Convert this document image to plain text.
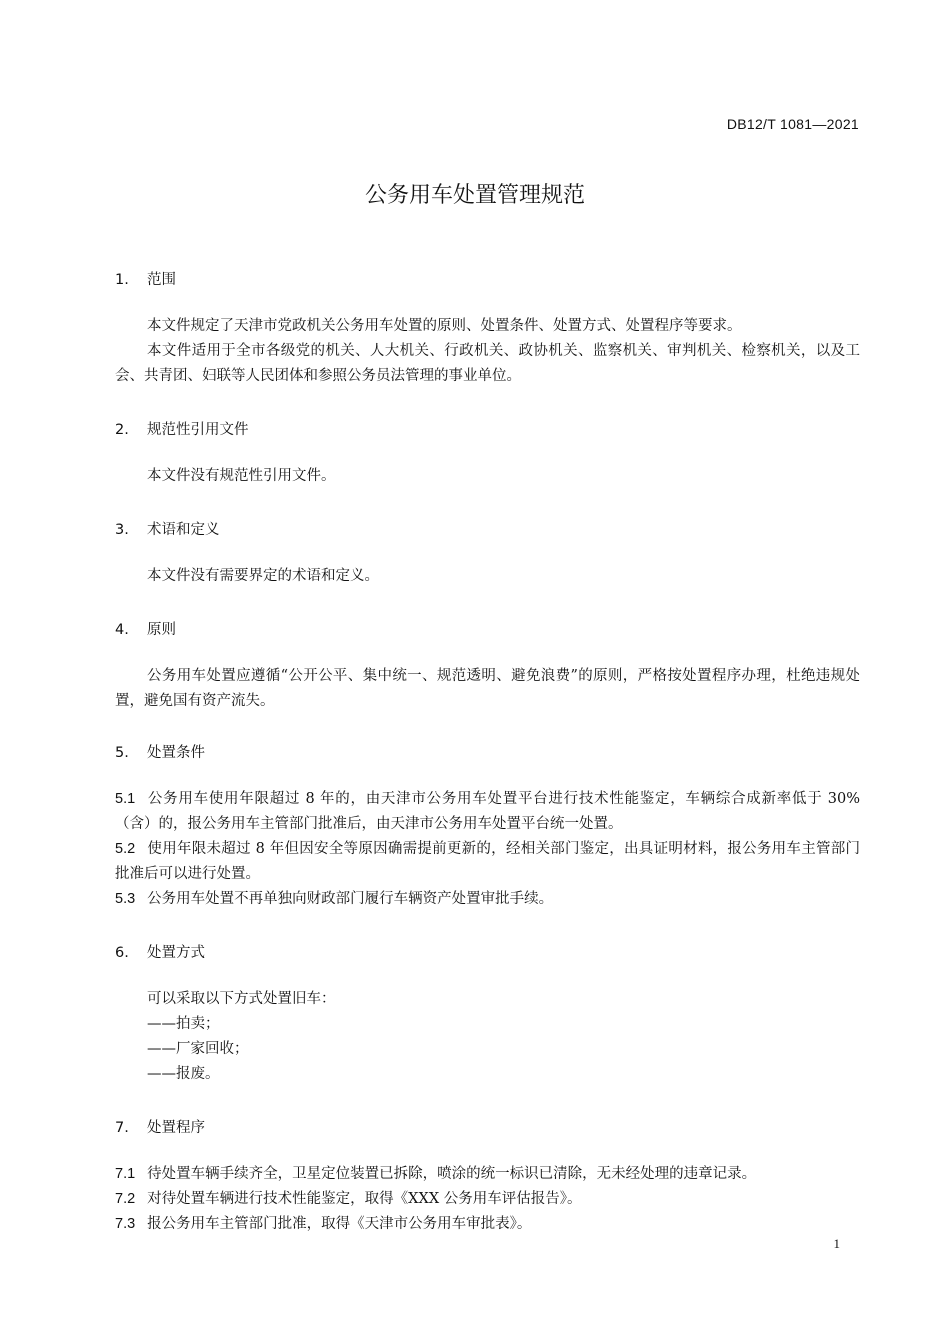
DB12/T 1081—2021
公务用车处置管理规范
1. 范围
本文件规定了天津市党政机关公务用车处置的原则、处置条件、处置方式、处置程序等要求。
本文件适用于全市各级党的机关、人大机关、行政机关、政协机关、监察机关、审判机关、检察机关，以及工会、共青团、妇联等人民团体和参照公务员法管理的事业单位。
2. 规范性引用文件
本文件没有规范性引用文件。
3. 术语和定义
本文件没有需要界定的术语和定义。
4. 原则
公务用车处置应遵循“公开公平、集中统一、规范透明、避免浪费”的原则，严格按处置程序办理，杜绝违规处置，避免国有资产流失。
5. 处置条件
5.1 公务用车使用年限超过 8 年的，由天津市公务用车处置平台进行技术性能鉴定，车辆综合成新率低于 30%（含）的，报公务用车主管部门批准后，由天津市公务用车处置平台统一处置。
5.2 使用年限未超过 8 年但因安全等原因确需提前更新的，经相关部门鉴定，出具证明材料，报公务用车主管部门批准后可以进行处置。
5.3 公务用车处置不再单独向财政部门履行车辆资产处置审批手续。
6. 处置方式
可以采取以下方式处置旧车：
——拍卖；
——厂家回收；
——报废。
7. 处置程序
7.1 待处置车辆手续齐全，卫星定位装置已拆除，喷涂的统一标识已清除，无未经处理的违章记录。
7.2 对待处置车辆进行技术性能鉴定，取得《XXX 公务用车评估报告》。
7.3 报公务用车主管部门批准，取得《天津市公务用车审批表》。
1
